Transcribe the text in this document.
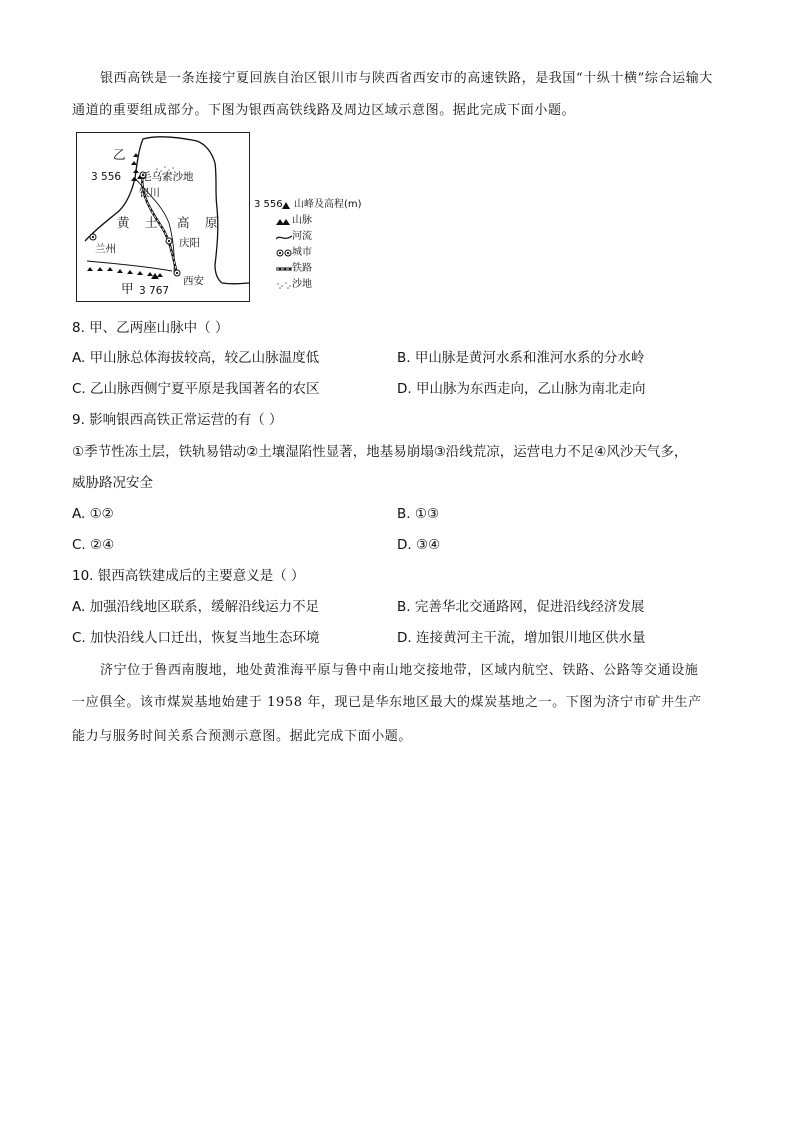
银西高铁是一条连接宁夏回族自治区银川市与陕西省西安市的高速铁路，是我国“十纵十横”综合运输大
通道的重要组成部分。下图为银西高铁线路及周边区域示意图。据此完成下面小题。
乙
3 556 毛乌素沙地
银川
黄 土 高 原
兰州	庆阳
西安
甲 3 767
3 556 山峰及高程(m)
山脉
河流
城市
铁路
沙地
8. 甲、乙两座山脉中（ ）
A. 甲山脉总体海拔较高，较乙山脉温度低	B. 甲山脉是黄河水系和淮河水系的分水岭
C. 乙山脉西侧宁夏平原是我国著名的农区	D. 甲山脉为东西走向，乙山脉为南北走向
9. 影响银西高铁正常运营的有（ ）
①季节性冻土层，铁轨易错动②土壤湿陷性显著，地基易崩塌③沿线荒凉，运营电力不足④风沙天气多，
威胁路况安全
A. ①②	B. ①③
C. ②④	D. ③④
10. 银西高铁建成后的主要意义是（ ）
A. 加强沿线地区联系，缓解沿线运力不足	B. 完善华北交通路网，促进沿线经济发展
C. 加快沿线人口迁出，恢复当地生态环境	D. 连接黄河主干流，增加银川地区供水量
济宁位于鲁西南腹地，地处黄淮海平原与鲁中南山地交接地带，区域内航空、铁路、公路等交通设施
一应俱全。该市煤炭基地始建于 1958 年，现已是华东地区最大的煤炭基地之一。下图为济宁市矿井生产
能力与服务时间关系合预测示意图。据此完成下面小题。
